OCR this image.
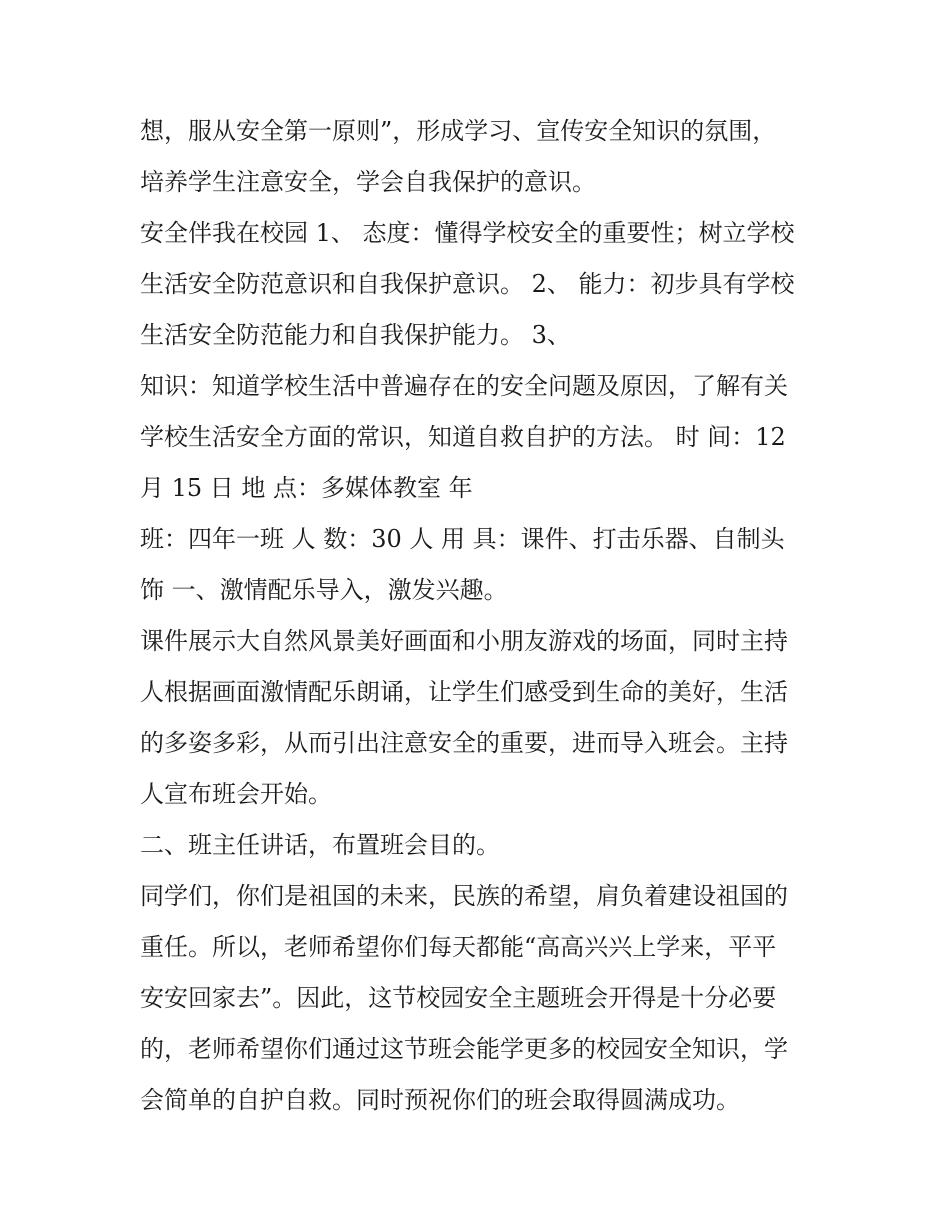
想，服从安全第一原则”，形成学习、宣传安全知识的氛围，
培养学生注意安全，学会自我保护的意识。
安全伴我在校园 1、 态度：懂得学校安全的重要性；树立学校
生活安全防范意识和自我保护意识。 2、 能力：初步具有学校
生活安全防范能力和自我保护能力。 3、
知识：知道学校生活中普遍存在的安全问题及原因，了解有关
学校生活安全方面的常识，知道自救自护的方法。 时 间：12
月 15 日 地 点：多媒体教室 年
班：四年一班 人 数：30 人 用 具：课件、打击乐器、自制头
饰 一、激情配乐导入，激发兴趣。
课件展示大自然风景美好画面和小朋友游戏的场面，同时主持
人根据画面激情配乐朗诵，让学生们感受到生命的美好，生活
的多姿多彩，从而引出注意安全的重要，进而导入班会。主持
人宣布班会开始。
二、班主任讲话，布置班会目的。
同学们，你们是祖国的未来，民族的希望，肩负着建设祖国的
重任。所以，老师希望你们每天都能“高高兴兴上学来，平平
安安回家去”。因此，这节校园安全主题班会开得是十分必要
的，老师希望你们通过这节班会能学更多的校园安全知识，学
会简单的自护自救。同时预祝你们的班会取得圆满成功。
